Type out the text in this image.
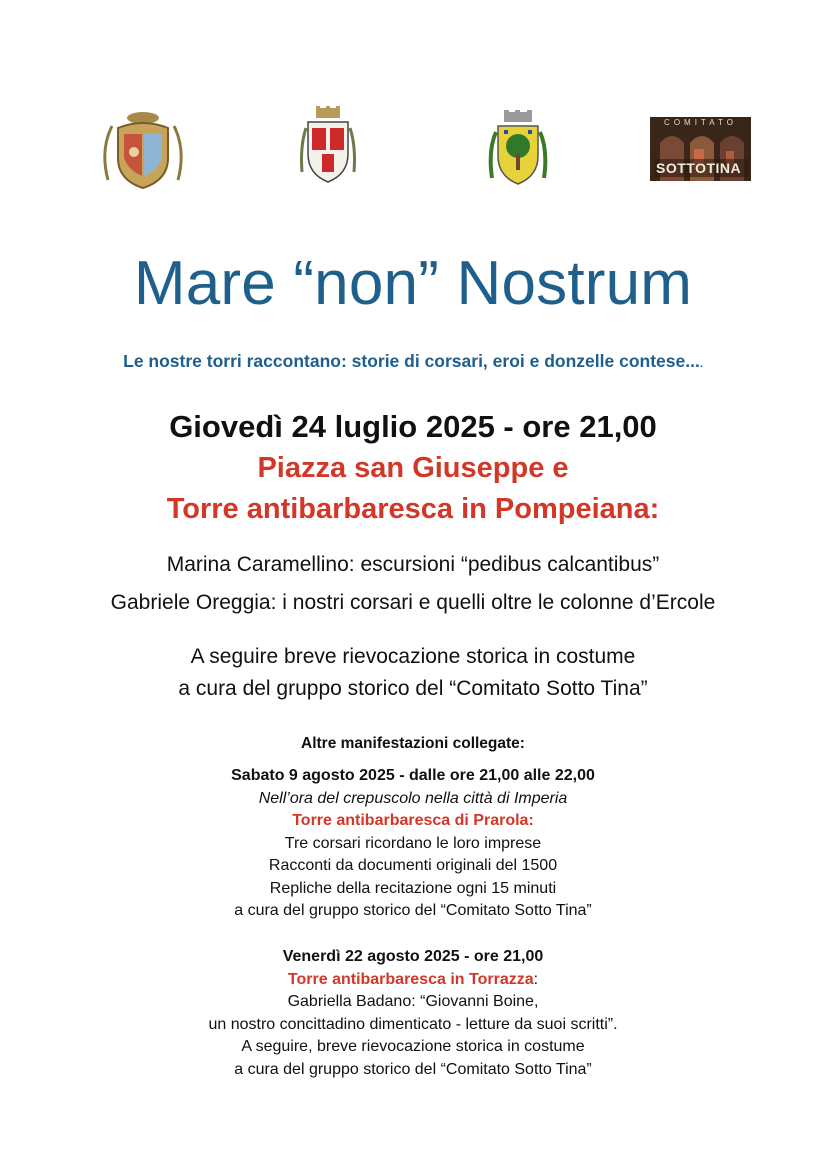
COMITATO
SOTTOTINA
Mare “non” Nostrum
Le nostre torri raccontano: storie di corsari, eroi e donzelle contese....
Giovedì 24 luglio 2025 - ore 21,00
Piazza san Giuseppe e
Torre antibarbaresca in Pompeiana:
Marina Caramellino: escursioni “pedibus calcantibus”
Gabriele Oreggia: i nostri corsari e quelli oltre le colonne d’Ercole
A seguire breve rievocazione storica in costume
a cura del gruppo storico del “Comitato Sotto Tina”
Altre manifestazioni collegate:
Sabato 9 agosto 2025 - dalle ore 21,00 alle 22,00
Nell’ora del crepuscolo nella città di Imperia
Torre antibarbaresca di Prarola:
Tre corsari ricordano le loro imprese
Racconti da documenti originali del 1500
Repliche della recitazione ogni 15 minuti
a cura del gruppo storico del “Comitato Sotto Tina”
Venerdì 22 agosto 2025 - ore 21,00
Torre antibarbaresca in Torrazza:
Gabriella Badano: “Giovanni Boine,
un nostro concittadino dimenticato - letture da suoi scritti”.
A seguire, breve rievocazione storica in costume
a cura del gruppo storico del “Comitato Sotto Tina”
